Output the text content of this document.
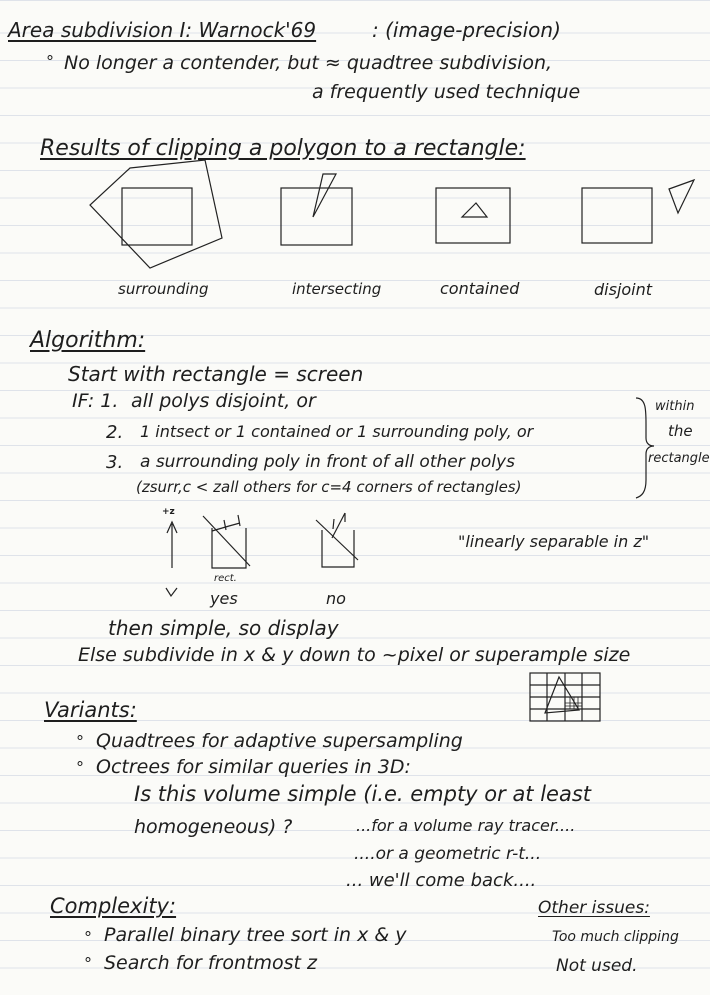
Area subdivision I: Warnock'69	: (image-precision)
° No longer a contender, but ≈ quadtree subdivision,
a frequently used technique
Results of clipping a polygon to a rectangle:
surrounding	intersecting	contained	disjoint
Algorithm:
Start with rectangle = screen
IF: 1. all polys disjoint, or
2. 1 intsect or 1 contained or 1 surrounding poly, or
3. a surrounding poly in front of all other polys
(zsurr,c < zall others for c=4 corners of rectangles)
within
the
rectangle
+z
rect.
yes	no
"linearly separable in z"
then simple, so display
Else subdivide in x & y down to ~pixel or superample size
Variants:
° Quadtrees for adaptive supersampling
° Octrees for similar queries in 3D:
Is this volume simple (i.e. empty or at least
homogeneous) ?	...for a volume ray tracer....
....or a geometric r-t...
... we'll come back....
Complexity:
° Parallel binary tree sort in x & y
° Search for frontmost z
Other issues:
Too much clipping
Not used.
